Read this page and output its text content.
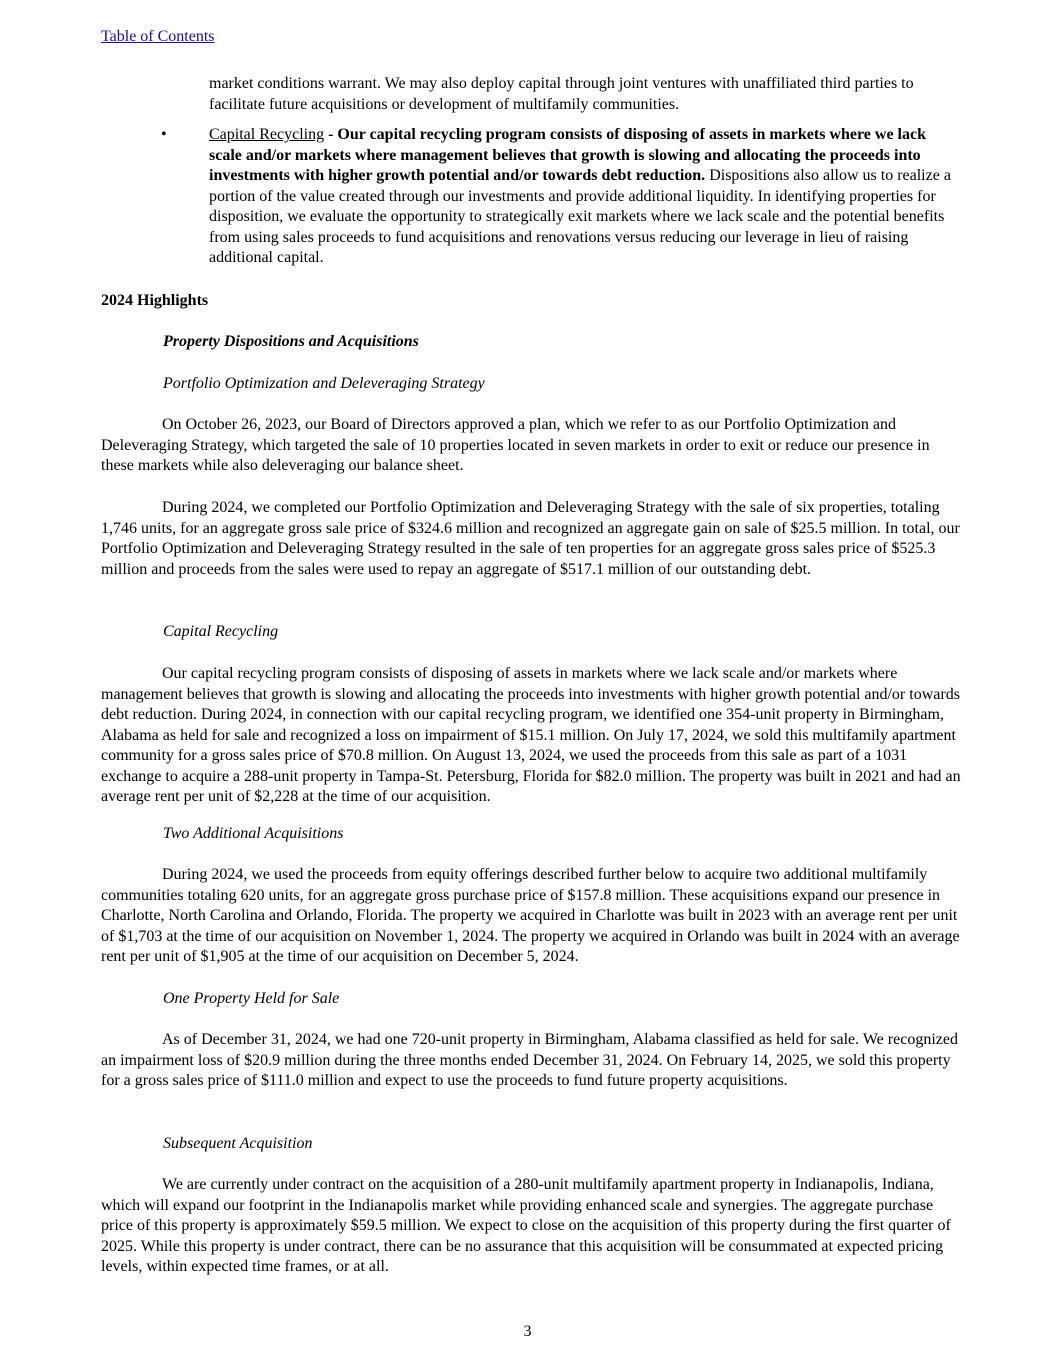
Table of Contents

market conditions warrant. We may also deploy capital through joint ventures with unaffiliated third parties to facilitate future acquisitions or development of multifamily communities.

•	Capital Recycling - Our capital recycling program consists of disposing of assets in markets where we lack scale and/or markets where management believes that growth is slowing and allocating the proceeds into investments with higher growth potential and/or towards debt reduction. Dispositions also allow us to realize a portion of the value created through our investments and provide additional liquidity. In identifying properties for disposition, we evaluate the opportunity to strategically exit markets where we lack scale and the potential benefits from using sales proceeds to fund acquisitions and renovations versus reducing our leverage in lieu of raising additional capital.

2024 Highlights

Property Dispositions and Acquisitions

Portfolio Optimization and Deleveraging Strategy

On October 26, 2023, our Board of Directors approved a plan, which we refer to as our Portfolio Optimization and Deleveraging Strategy, which targeted the sale of 10 properties located in seven markets in order to exit or reduce our presence in these markets while also deleveraging our balance sheet.

During 2024, we completed our Portfolio Optimization and Deleveraging Strategy with the sale of six properties, totaling 1,746 units, for an aggregate gross sale price of $324.6 million and recognized an aggregate gain on sale of $25.5 million. In total, our Portfolio Optimization and Deleveraging Strategy resulted in the sale of ten properties for an aggregate gross sales price of $525.3 million and proceeds from the sales were used to repay an aggregate of $517.1 million of our outstanding debt.

Capital Recycling

Our capital recycling program consists of disposing of assets in markets where we lack scale and/or markets where management believes that growth is slowing and allocating the proceeds into investments with higher growth potential and/or towards debt reduction. During 2024, in connection with our capital recycling program, we identified one 354-unit property in Birmingham, Alabama as held for sale and recognized a loss on impairment of $15.1 million. On July 17, 2024, we sold this multifamily apartment community for a gross sales price of $70.8 million. On August 13, 2024, we used the proceeds from this sale as part of a 1031 exchange to acquire a 288-unit property in Tampa-St. Petersburg, Florida for $82.0 million. The property was built in 2021 and had an average rent per unit of $2,228 at the time of our acquisition.

Two Additional Acquisitions

During 2024, we used the proceeds from equity offerings described further below to acquire two additional multifamily communities totaling 620 units, for an aggregate gross purchase price of $157.8 million. These acquisitions expand our presence in Charlotte, North Carolina and Orlando, Florida. The property we acquired in Charlotte was built in 2023 with an average rent per unit of $1,703 at the time of our acquisition on November 1, 2024. The property we acquired in Orlando was built in 2024 with an average rent per unit of $1,905 at the time of our acquisition on December 5, 2024.

One Property Held for Sale

As of December 31, 2024, we had one 720-unit property in Birmingham, Alabama classified as held for sale. We recognized an impairment loss of $20.9 million during the three months ended December 31, 2024. On February 14, 2025, we sold this property for a gross sales price of $111.0 million and expect to use the proceeds to fund future property acquisitions.

Subsequent Acquisition

We are currently under contract on the acquisition of a 280-unit multifamily apartment property in Indianapolis, Indiana, which will expand our footprint in the Indianapolis market while providing enhanced scale and synergies. The aggregate purchase price of this property is approximately $59.5 million. We expect to close on the acquisition of this property during the first quarter of 2025. While this property is under contract, there can be no assurance that this acquisition will be consummated at expected pricing levels, within expected time frames, or at all.

3
